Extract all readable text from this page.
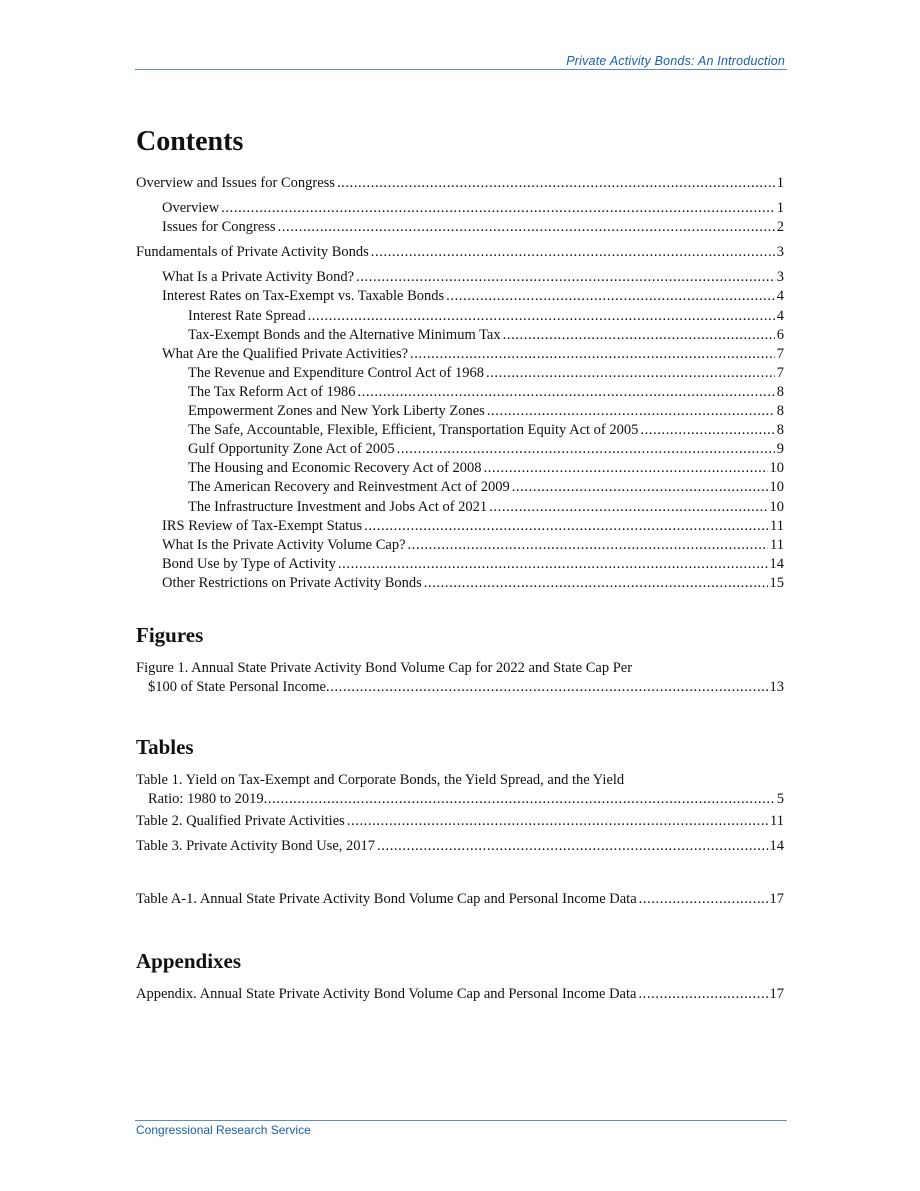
Private Activity Bonds: An Introduction
Contents
Overview and Issues for Congress .....	1
Overview .....	1
Issues for Congress .....	2
Fundamentals of Private Activity Bonds .....	3
What Is a Private Activity Bond? .....	3
Interest Rates on Tax-Exempt vs. Taxable Bonds .....	4
Interest Rate Spread .....	4
Tax-Exempt Bonds and the Alternative Minimum Tax .....	6
What Are the Qualified Private Activities? .....	7
The Revenue and Expenditure Control Act of 1968 .....	7
The Tax Reform Act of 1986 .....	8
Empowerment Zones and New York Liberty Zones .....	8
The Safe, Accountable, Flexible, Efficient, Transportation Equity Act of 2005 .....	8
Gulf Opportunity Zone Act of 2005 .....	9
The Housing and Economic Recovery Act of 2008 .....	10
The American Recovery and Reinvestment Act of 2009 .....	10
The Infrastructure Investment and Jobs Act of 2021 .....	10
IRS Review of Tax-Exempt Status .....	11
What Is the Private Activity Volume Cap? .....	11
Bond Use by Type of Activity .....	14
Other Restrictions on Private Activity Bonds .....	15
Figures
Figure 1. Annual State Private Activity Bond Volume Cap for 2022 and State Cap Per
$100 of State Personal Income .....	13
Tables
Table 1. Yield on Tax-Exempt and Corporate Bonds, the Yield Spread, and the Yield
Ratio: 1980 to 2019 .....	5
Table 2. Qualified Private Activities .....	11
Table 3. Private Activity Bond Use, 2017 .....	14
Table A-1. Annual State Private Activity Bond Volume Cap and Personal Income Data .....	17
Appendixes
Appendix. Annual State Private Activity Bond Volume Cap and Personal Income Data .....	17
Congressional Research Service
